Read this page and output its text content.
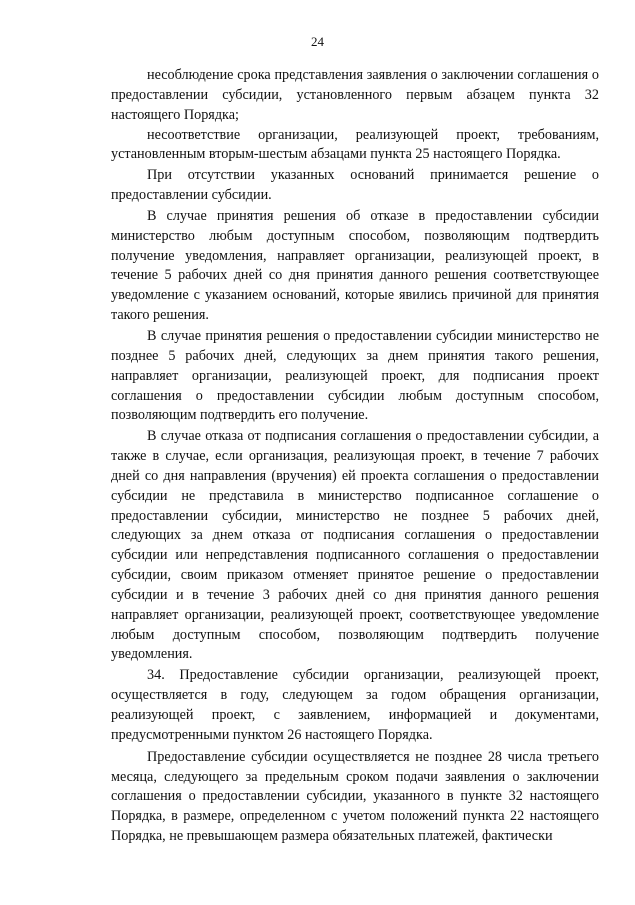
24

несоблюдение срока представления заявления о заключении соглашения о предоставлении субсидии, установленного первым абзацем пункта 32 настоящего Порядка;

несоответствие организации, реализующей проект, требованиям, установленным вторым-шестым абзацами пункта 25 настоящего Порядка.

При отсутствии указанных оснований принимается решение о предоставлении субсидии.

В случае принятия решения об отказе в предоставлении субсидии министерство любым доступным способом, позволяющим подтвердить получение уведомления, направляет организации, реализующей проект, в течение 5 рабочих дней со дня принятия данного решения соответствующее уведомление с указанием оснований, которые явились причиной для принятия такого решения.

В случае принятия решения о предоставлении субсидии министерство не позднее 5 рабочих дней, следующих за днем принятия такого решения, направляет организации, реализующей проект, для подписания проект соглашения о предоставлении субсидии любым доступным способом, позволяющим подтвердить его получение.

В случае отказа от подписания соглашения о предоставлении субсидии, а также в случае, если организация, реализующая проект, в течение 7 рабочих дней со дня направления (вручения) ей проекта соглашения о предоставлении субсидии не представила в министерство подписанное соглашение о предоставлении субсидии, министерство не позднее 5 рабочих дней, следующих за днем отказа от подписания соглашения о предоставлении субсидии или непредставления подписанного соглашения о предоставлении субсидии, своим приказом отменяет принятое решение о предоставлении субсидии и в течение 3 рабочих дней со дня принятия данного решения направляет организации, реализующей проект, соответствующее уведомление любым доступным способом, позволяющим подтвердить получение уведомления.

34. Предоставление субсидии организации, реализующей проект, осуществляется в году, следующем за годом обращения организации, реализующей проект, с заявлением, информацией и документами, предусмотренными пунктом 26 настоящего Порядка.

Предоставление субсидии осуществляется не позднее 28 числа третьего месяца, следующего за предельным сроком подачи заявления о заключении соглашения о предоставлении субсидии, указанного в пункте 32 настоящего Порядка, в размере, определенном с учетом положений пункта 22 настоящего Порядка, не превышающем размера обязательных платежей, фактически
